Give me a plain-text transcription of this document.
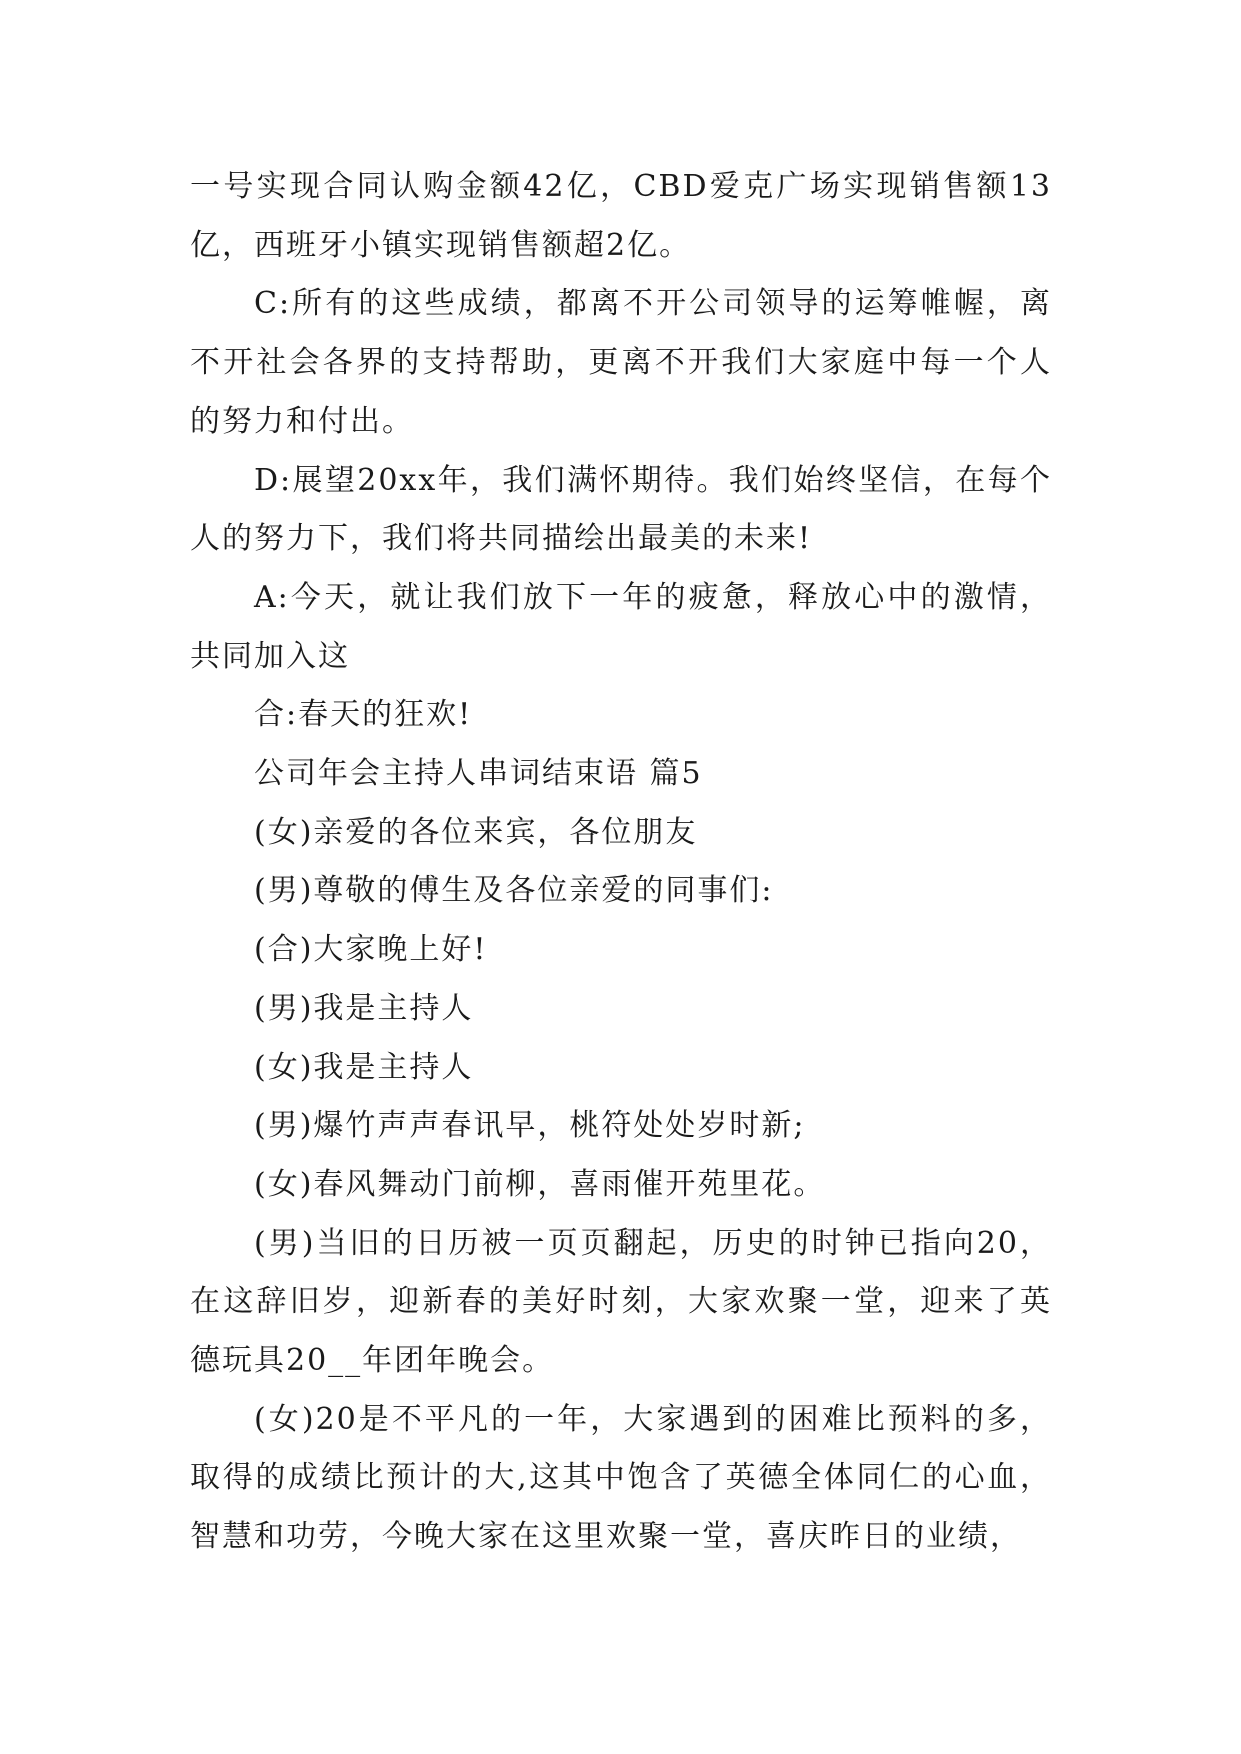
一号实现合同认购金额42亿，CBD爱克广场实现销售额13亿，西班牙小镇实现销售额超2亿。

C:所有的这些成绩，都离不开公司领导的运筹帷幄，离不开社会各界的支持帮助，更离不开我们大家庭中每一个人的努力和付出。

D:展望20xx年，我们满怀期待。我们始终坚信，在每个人的努力下，我们将共同描绘出最美的未来!

A:今天，就让我们放下一年的疲惫，释放心中的激情，共同加入这

合:春天的狂欢!

公司年会主持人串词结束语 篇5

(女)亲爱的各位来宾，各位朋友

(男)尊敬的傅生及各位亲爱的同事们:

(合)大家晚上好!

(男)我是主持人

(女)我是主持人

(男)爆竹声声春讯早，桃符处处岁时新;

(女)春风舞动门前柳，喜雨催开苑里花。

(男)当旧的日历被一页页翻起，历史的时钟已指向20，在这辞旧岁，迎新春的美好时刻，大家欢聚一堂，迎来了英德玩具20__年团年晚会。

(女)20是不平凡的一年，大家遇到的困难比预料的多，取得的成绩比预计的大,这其中饱含了英德全体同仁的心血，智慧和功劳，今晚大家在这里欢聚一堂，喜庆昨日的业绩，
